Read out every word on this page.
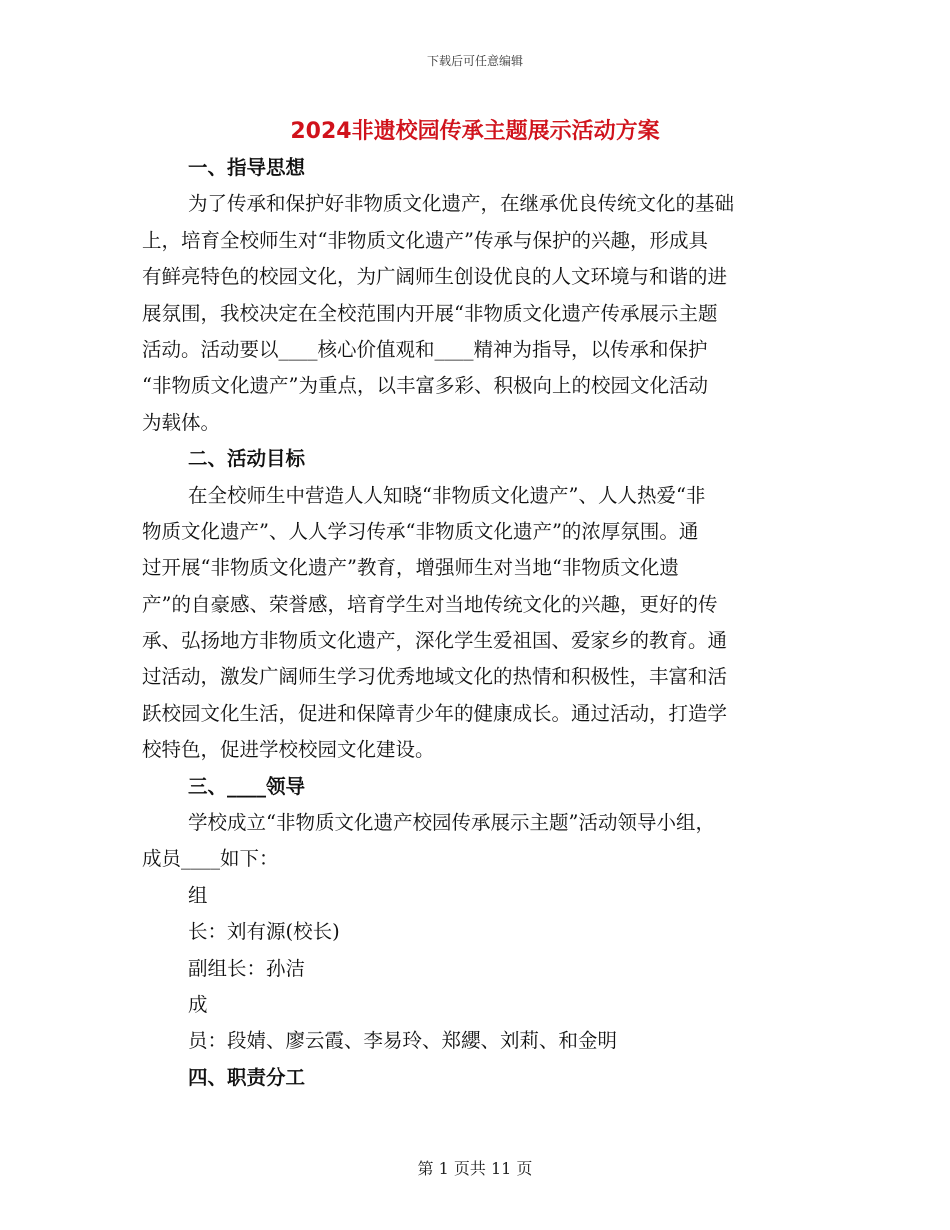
下载后可任意编辑
2024非遗校园传承主题展示活动方案
一、指导思想
为了传承和保护好非物质文化遗产，在继承优良传统文化的基础
上，培育全校师生对“非物质文化遗产”传承与保护的兴趣，形成具
有鲜亮特色的校园文化，为广阔师生创设优良的人文环境与和谐的进
展氛围，我校决定在全校范围内开展“非物质文化遗产传承展示主题
活动。活动要以____核心价值观和____精神为指导，以传承和保护
“非物质文化遗产”为重点，以丰富多彩、积极向上的校园文化活动
为载体。
二、活动目标
在全校师生中营造人人知晓“非物质文化遗产”、人人热爱“非
物质文化遗产”、人人学习传承“非物质文化遗产”的浓厚氛围。通
过开展“非物质文化遗产”教育，增强师生对当地“非物质文化遗
产”的自豪感、荣誉感，培育学生对当地传统文化的兴趣，更好的传
承、弘扬地方非物质文化遗产，深化学生爱祖国、爱家乡的教育。通
过活动，激发广阔师生学习优秀地域文化的热情和积极性，丰富和活
跃校园文化生活，促进和保障青少年的健康成长。通过活动，打造学
校特色，促进学校校园文化建设。
三、____领导
学校成立“非物质文化遗产校园传承展示主题”活动领导小组，
成员____如下：
组
长：刘有源(校长)
副组长：孙洁
成
员：段婧、廖云霞、李易玲、郑纓、刘莉、和金明
四、职责分工
第 1 页共 11 页
